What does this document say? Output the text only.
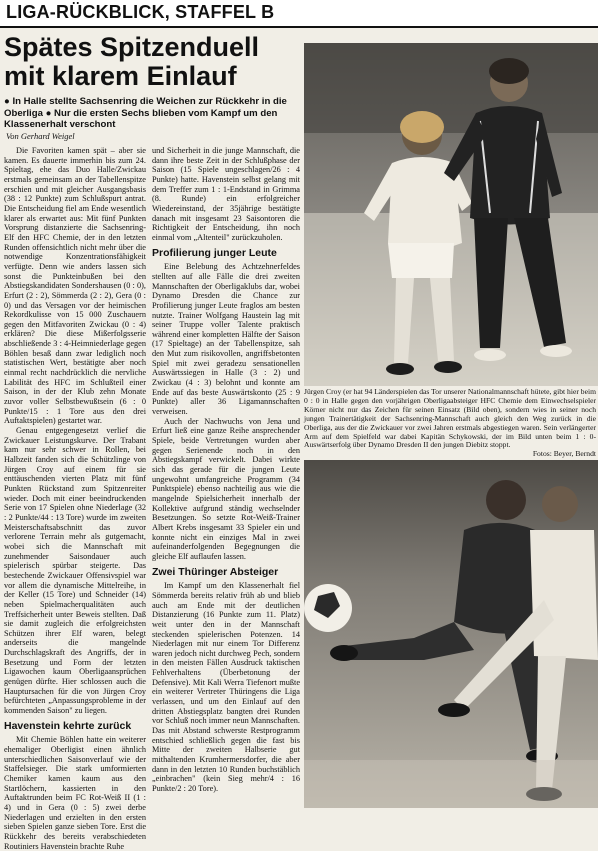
LIGA-RÜCKBLICK, STAFFEL B
Spätes Spitzenduell
mit klarem Einlauf
● In Halle stellte Sachsenring die Weichen zur Rückkehr in die Oberliga ● Nur die ersten Sechs blieben vom Kampf um den Klassenerhalt verschont
Von Gerhard Weigel

Die Favoriten kamen spät – aber sie kamen. Es dauerte immerhin bis zum 24. Spieltag, ehe das Duo Halle/Zwickau erstmals gemeinsam an der Tabellenspitze erschien und mit gleicher Ausgangsbasis (38 : 12 Punkte) zum Schlußspurt antrat. Die Entscheidung fiel am Ende wesentlich klarer als erwartet aus: Mit fünf Punkten Vorsprung distanzierte die Sachsenring-Elf den HFC Chemie, der in den letzten Runden offensichtlich nicht mehr über die notwendige Konzentrationsfähigkeit verfügte. Denn wie anders lassen sich sonst die Punkteinbußen bei den Abstiegskandidaten Sondershausen (0 : 0), Erfurt (2 : 2), Sömmerda (2 : 2), Gera (0 : 0) und das Versagen vor der heimischen Rekordkulisse von 15 000 Zuschauern gegen den Mitfavoriten Zwickau (0 : 4) erklären? Die diese Mißerfolgsserie abschließende 3 : 4-Heimniederlage gegen Böhlen besaß dann zwar lediglich noch statistischen Wert, bestätigte aber noch einmal recht nachdrücklich die nervliche Labilität des HFC im Schlußteil einer Saison, in der der Klub zehn Monate zuvor voller Selbstbewußtsein (6 : 0 Punkte/15 : 1 Tore aus den drei Auftaktspielen) gestartet war.

Genau entgegengesetzt verlief die Zwickauer Leistungskurve. Der Trabant kam nur sehr schwer in Rollen, bei Halbzeit fanden sich die Schützlinge von Jürgen Croy auf einem für sie enttäuschenden vierten Platz mit fünf Punkten Rückstand zum Spitzenreiter wieder. Doch mit einer beeindruckenden Serie von 17 Spielen ohne Niederlage (32 : 2 Punkte/44 : 13 Tore) wurde im zweiten Meisterschaftsabschnitt das zuvor verlorene Terrain mehr als gutgemacht, wobei sich die Mannschaft mit zunehmender Saisondauer auch spielerisch spürbar steigerte. Das bestechende Zwickauer Offensivspiel war vor allem die dynamische Mittelreihe, in der Keller (15 Tore) und Schneider (14) neben Spielmacherqualitäten auch Treffsicherheit unter Beweis stellten. Daß sie damit zugleich die erfolgreichsten Schützen ihrer Elf waren, belegt anderseits die mangelnde Durchschlagskraft des Angriffs, der in Besetzung und Form der letzten Ligawochen kaum Oberligaansprüchen genügen dürfte. Hier schlossen auch die Hauptursachen für die von Jürgen Croy befürchteten „Anpassungsprobleme in der kommenden Saison" zu liegen.

Havenstein kehrte zurück

Mit Chemie Böhlen hatte ein weiterer ehemaliger Oberligist einen ähnlich unterschiedlichen Saisonverlauf wie der Staffelsieger. Die stark umformierten Chemiker kamen kaum aus den Startlöchern, kassierten in den Auftaktrunden beim FC Rot-Weiß II (1 : 4) und in Gera (0 : 5) zwei derbe Niederlagen und erzielten in den ersten sieben Spielen ganze sieben Tore. Erst die Rückkehr des bereits verabschiedeten Routiniers Havenstein brachte Ruhe

und Sicherheit in die junge Mannschaft, die dann ihre beste Zeit in der Schlußphase der Saison (15 Spiele ungeschlagen/26 : 4 Punkte) hatte. Havenstein selbst gelang mit dem Treffer zum 1 : 1-Endstand in Grimma (8. Runde) ein erfolgreicher Wiedereinstand, der 35jährige bestätigte danach mit insgesamt 23 Saisontoren die Richtigkeit der Entscheidung, ihn noch einmal vom „Altenteil" zurückzuholen.

Profilierung junger Leute

Eine Belebung des Achtzehnerfeldes stellten auf alle Fälle die drei zweiten Mannschaften der Oberligaklubs dar, wobei Dynamo Dresden die Chance zur Profilierung junger Leute fraglos am besten nutzte. Trainer Wolfgang Haustein lag mit seiner Truppe voller Talente praktisch während einer kompletten Hälfte der Saison (17 Spieltage) an der Tabellenspitze, sah den Mut zum risikovollen, angriffsbetonten Spiel mit zwei geradezu sensationellen Auswärtssiegen in Halle (3 : 2) und Zwickau (4 : 3) belohnt und konnte am Ende auf das beste Auswärtskonto (25 : 9 Punkte) aller 36 Ligamannschaften verweisen.

Auch der Nachwuchs von Jena und Erfurt ließ eine ganze Reihe ansprechender Spiele, beide Vertretungen wurden aber gegen Serienende noch in den Abstiegskampf verwickelt. Dabei wirkte sich das gerade für die jungen Leute ungewohnt umfangreiche Programm (34 Punktspiele) ebenso nachteilig aus wie die mangelnde Spielsicherheit innerhalb der Kollektive aufgrund ständig wechselnder Besetzungen. So setzte Rot-Weiß-Trainer Albert Krebs insgesamt 33 Spieler ein und konnte nicht ein einziges Mal in zwei aufeinanderfolgenden Begegnungen die gleiche Elf auflaufen lassen.

Zwei Thüringer Absteiger

Im Kampf um den Klassenerhalt fiel Sömmerda bereits relativ früh ab und blieb auch am Ende mit der deutlichen Distanzierung (16 Punkte zum 11. Platz) weit unter den in der Mannschaft steckenden spielerischen Potenzen. 14 Niederlagen mit nur einem Tor Differenz waren jedoch nicht durchweg Pech, sondern in den meisten Fällen Ausdruck taktischen Fehlverhaltens (Überbetonung der Defensive). Mit Kali Werra Tiefenort mußte ein weiterer Vertreter Thüringens die Liga verlassen, und um den Einlauf auf den dritten Abstiegsplatz bangten drei Runden vor Schluß noch immer neun Mannschaften. Das mit Abstand schwerste Restprogramm entschied schließlich gegen die fast bis Mitte der zweiten Halbserie gut mithaltenden Krumhermersdorfer, die aber dann in den letzten 10 Runden buchstäblich „einbrachen" (kein Sieg mehr/4 : 16 Punkte/2 : 20 Tore).

Jürgen Croy (er hat 94 Länderspielen das Tor unserer Nationalmannschaft hütete, gibt hier beim 0 : 0 in Halle gegen den vorjährigen Oberligaabsteiger HFC Chemie dem Einwechselspieler Körner nicht nur das Zeichen für seinen Einsatz (Bild oben), sondern wies in seiner noch jungen Trainertätigkeit der Sachsenring-Mannschaft auch gleich den Weg zurück in die Oberliga, aus der die Zwickauer vor zwei Jahren erstmals abgestiegen waren. Sein verlängerter Arm auf dem Spielfeld war dabei Kapitän Schykowski, der im Bild unten beim 1 : 0-Auswärtserfolg über Dynamo Dresden II den jungen Diebitz stoppt.
Fotos: Beyer, Berndt
